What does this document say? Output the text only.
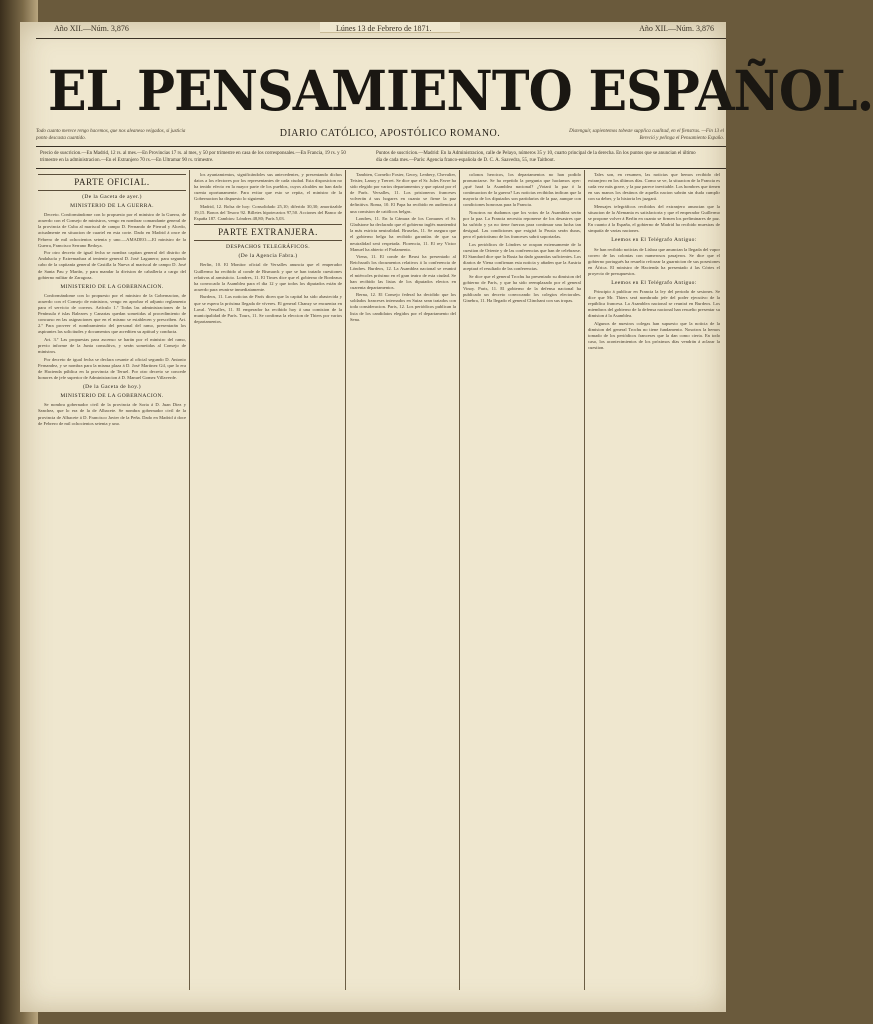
Año XII.—Núm. 3,876	Lúnes 13 de Febrero de 1871.	Año XII.—Núm. 3,876
EL PENSAMIENTO ESPAÑOL.
Todo cuanto merece rengo hacemos, que nos aleaneso veigados, si justicia ponto descasta cuantido.	DIARIO CATÓLICO, APOSTÓLICO ROMANO.	Distenguir, sapientemos tobeste supplica cualitad, en el fienstras. —Fin 13 el Bereció y pelinga el Pensamiento Españo.
Precio de suscricion.—En Madrid, 12 rs. al mes.—En Provincias 17 rs. al mes, y 50 por trimestre en casa de los corresponsales.—En Francia, 19 rs. y 50 trimestre en la administracion.—En el Extranjero 70 rs.—En Ultramar 90 rs. trimestre.
Puntos de suscricion.—Madrid: En la Administracion, calle de Pelayo, números 35 y 10, cuarto principal de la derecha. En los puntos que se anuncian el último día de cada mes.—París: Agencia franco-española de D. C. A. Saavedra, 55, rue Taitbout.
PARTE OFICIAL.
(De la Gaceta de ayer.)
MINISTERIO DE LA GUERRA.

Decreto. Conformándome con lo propuesto por el ministro de la Guerra, de acuerdo con el Consejo de ministros, vengo en nombrar comandante general de la provincia de Cuba al mariscal de campo D. Fernando de Pierrad y Alcedo, actualmente en situacion de cuartel en esta corte. Dado en Madrid á once de Febrero de mil ochocientos setenta y uno.—AMADEO.—El ministro de la Guerra, Francisco Serrano Bedoya.

Por otro decreto de igual fecha se nombra capitan general del distrito de Andalucía y Extremadura al teniente general D. José Lagunero; para segundo cabo de la capitanía general de Castilla la Nueva al mariscal de campo D. José de Santa Pau y Martín, y para mandar la division de caballería a cargo del gobierno militar de Zaragoza.

MINISTERIO DE LA GOBERNACION.

Conformándome con lo propuesto por el ministro de la Gobernacion, de acuerdo con el Consejo de ministros, vengo en aprobar el adjunto reglamento para el servicio de correos. Artículo 1.º Todas las administraciones de la Península é islas Baleares y Canarias quedan sometidas al procedimiento de concurso en las asignaciones que en el mismo se establecen y prescriben. Art. 2.º Para proveer el nombramiento del personal del ramo, presentarán los aspirantes las solicitudes y documentos que acrediten su aptitud y conducta.

Art. 3.º Las propuestas para ascenso se harán por el ministro del ramo, previo informe de la Junta consultiva, y serán sometidas al Consejo de ministros.

Por decreto de igual fecha se declara cesante al oficial segundo D. Antonio Fernandez, y se nombra para la misma plaza á D. José Martinez Gil, que lo era de Hacienda pública en la provincia de Teruel. Por otro decreto se concede honores de jefe superior de Administracion á D. Manuel Gomez Villaverde.

(De la Gaceta de hoy.)
MINISTERIO DE LA GOBERNACION.

Se nombra gobernador civil de la provincia de Soria á D. Juan Diez y Sanchez, que lo era de la de Albacete. Se nombra gobernador civil de la provincia de Albacete á D. Francisco Javier de la Peña. Dado en Madrid á doce de Febrero de mil ochocientos setenta y uno.

los ayuntamientos, significándoles sus antecedentes, y presentando dichos datos a los electores por los representantes de cada ciudad. Esta disposicion no ha tenido efecto en la mayor parte de los pueblos, cuyos alcaldes no han dado cuenta oportunamente. Para evitar que esto se repita, el ministro de la Gobernacion ha dispuesto lo siguiente.

Madrid, 12. Bolsa de hoy: Consolidado 25,10; diferido 30,30; amortizable 19,15. Bonos del Tesoro 92. Billetes hipotecarios 97,50. Acciones del Banco de España 187. Cambios: Lóndres 48,80; París 5,03.

PARTE EXTRANJERA.
DESPACHOS TELEGRÁFICOS.
(De la Agencia Fabra.)

Berlin, 10. El Monitor oficial de Versalles anuncia que el emperador Guillermo ha recibido al conde de Bismarck y que se han tratado cuestiones relativas al armisticio. Londres, 11. El Times dice que el gobierno de Bordeaux ha convocado la Asamblea para el dia 12 y que todos los diputados están de acuerdo para reunirse inmediatamente.

Burdeos, 11. Las noticias de París dicen que la capital ha sido abastecida y que se espera la próxima llegada de víveres. El general Chanzy se encuentra en Laval. Versalles, 11. El emperador ha recibido hoy á una comision de la municipalidad de París. Tours, 11. Se confirma la eleccion de Thiers por varios departamentos.

Tambien, Cornelio Foster, Geory, Lenbery, Chevalier, Teisier, Lanoy y Trerret. Se dice que el Sr. Jules Favre ha sido elegido por varios departamentos y que optará por el de París. Versalles, 11. Los prisioneros franceses volverán á sus hogares en cuanto se firme la paz definitiva. Roma, 10. El Papa ha recibido en audiencia á una comision de católicos belgas.

Londres, 11. En la Cámara de los Comunes el Sr. Gladstone ha declarado que el gobierno inglés mantendrá la más estricta neutralidad. Bruselas, 11. Se asegura que el gobierno belga ha recibido garantías de que su neutralidad será respetada. Florencia, 11. El rey Victor Manuel ha abierto el Parlamento.

Viena, 11. El conde de Beust ha presentado al Reichsrath los documentos relativos á la conferencia de Lóndres. Burdeos, 12. La Asamblea nacional se reunirá el miércoles próximo en el gran teatro de esta ciudad. Se han recibido las listas de los diputados electos en cuarenta departamentos.

Berna, 12. El Consejo federal ha decidido que los soldados franceses internados en Suiza sean tratados con toda consideracion. Paris, 12. Los periódicos publican la lista de los candidatos elegidos por el departamento del Sena.

colonos heroicos, los departamentos no han podido pronunciarse. Se ha repetido la pregunta que hacíamos ayer: ¿qué hará la Asamblea nacional? ¿Votará la paz ó la continuacion de la guerra? Las noticias recibidas indican que la mayoría de los diputados son partidarios de la paz, aunque con condiciones honrosas para la Francia.

Nosotros no dudamos que los votos de la Asamblea serán por la paz. La Francia necesita reponerse de los desastres que ha sufrido y ya no tiene fuerzas para continuar una lucha tan desigual. Las condiciones que exigirá la Prusia serán duras, pero el patriotismo de los franceses sabrá soportarlas.

Los periódicos de Lóndres se ocupan extensamente de la cuestion de Oriente y de las conferencias que han de celebrarse. El Standard dice que la Rusia ha dado garantías suficientes. Los diarios de Viena confirman esta noticia y añaden que la Austria aceptará el resultado de las conferencias.

Se dice que el general Trochu ha presentado su dimision del gobierno de París, y que ha sido reemplazado por el general Vinoy. Paris, 11. El gobierno de la defensa nacional ha publicado un decreto convocando los colegios electorales. Ginebra, 11. Ha llegado el general Clinchant con sus tropas.

Tales son, en resumen, las noticias que hemos recibido del extranjero en los últimos días. Como se ve, la situacion de la Francia es cada vez más grave, y la paz parece inevitable. Los hombres que tienen en sus manos los destinos de aquella nacion sabrán sin duda cumplir con su deber, y la historia les juzgará.

Mensajes telegráficos recibidos del extranjero anuncian que la situacion de la Alemania es satisfactoria y que el emperador Guillermo se propone volver á Berlin en cuanto se firmen los preliminares de paz. En cuanto á la España, el gobierno de Madrid ha recibido muestras de simpatía de varias naciones.

Leemos en El Telégrafo Antiguo:

Se han recibido noticias de Lisboa que anuncian la llegada del vapor correo de las colonias con numerosos pasajeros. Se dice que el gobierno portugués ha resuelto reforzar la guarnicion de sus posesiones en África. El ministro de Hacienda ha presentado á las Córtes el proyecto de presupuestos.

Leemos en El Telégrafo Antiguo:

Principio á publicar en Francia la ley del periodo de sesiones. Se dice que Mr. Thiers será nombrado jefe del poder ejecutivo de la república francesa. La Asamblea nacional se reunirá en Burdeos. Los miembros del gobierno de la defensa nacional han resuelto presentar su dimision á la Asamblea.

Algunos de nuestros colegas han supuesto que la noticia de la dimision del general Trochu no tiene fundamento. Nosotros la hemos tomado de los periódicos franceses que la dan como cierta. En todo caso, los acontecimientos de los próximos días vendrán á aclarar la cuestion.
